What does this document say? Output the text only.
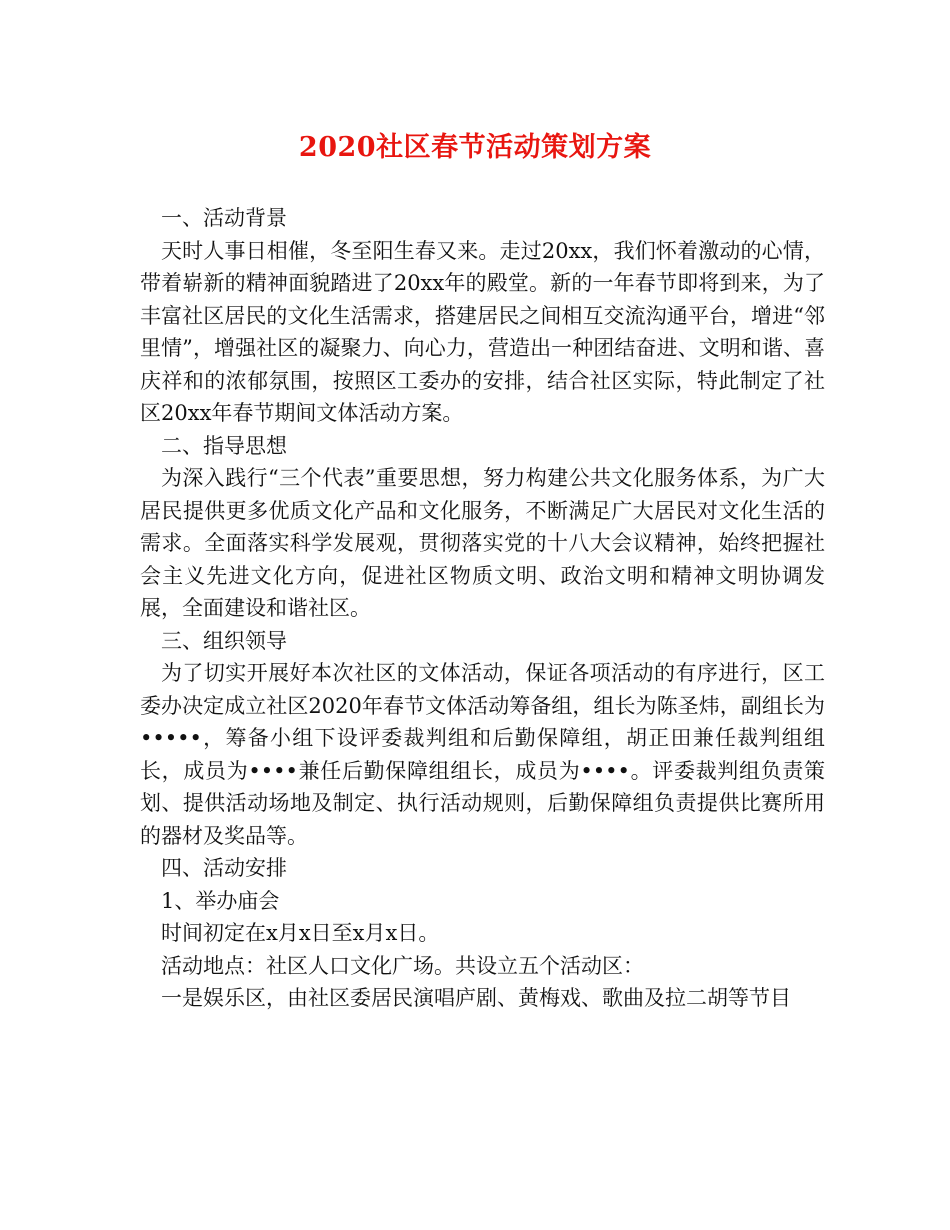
2020社区春节活动策划方案

一、活动背景

天时人事日相催，冬至阳生春又来。走过20xx，我们怀着激动的心情，带着崭新的精神面貌踏进了20xx年的殿堂。新的一年春节即将到来，为了丰富社区居民的文化生活需求，搭建居民之间相互交流沟通平台，增进“邻里情”，增强社区的凝聚力、向心力，营造出一种团结奋进、文明和谐、喜庆祥和的浓郁氛围，按照区工委办的安排，结合社区实际，特此制定了社区20xx年春节期间文体活动方案。

二、指导思想

为深入践行“三个代表”重要思想，努力构建公共文化服务体系，为广大居民提供更多优质文化产品和文化服务，不断满足广大居民对文化生活的需求。全面落实科学发展观，贯彻落实党的十八大会议精神，始终把握社会主义先进文化方向，促进社区物质文明、政治文明和精神文明协调发展，全面建设和谐社区。

三、组织领导

为了切实开展好本次社区的文体活动，保证各项活动的有序进行，区工委办决定成立社区2020年春节文体活动筹备组，组长为陈圣炜，副组长为•••••，筹备小组下设评委裁判组和后勤保障组，胡正田兼任裁判组组长，成员为••••兼任后勤保障组组长，成员为••••。评委裁判组负责策划、提供活动场地及制定、执行活动规则，后勤保障组负责提供比赛所用的器材及奖品等。

四、活动安排

1、举办庙会

时间初定在x月x日至x月x日。

活动地点：社区人口文化广场。共设立五个活动区：

一是娱乐区，由社区委居民演唱庐剧、黄梅戏、歌曲及拉二胡等节目
